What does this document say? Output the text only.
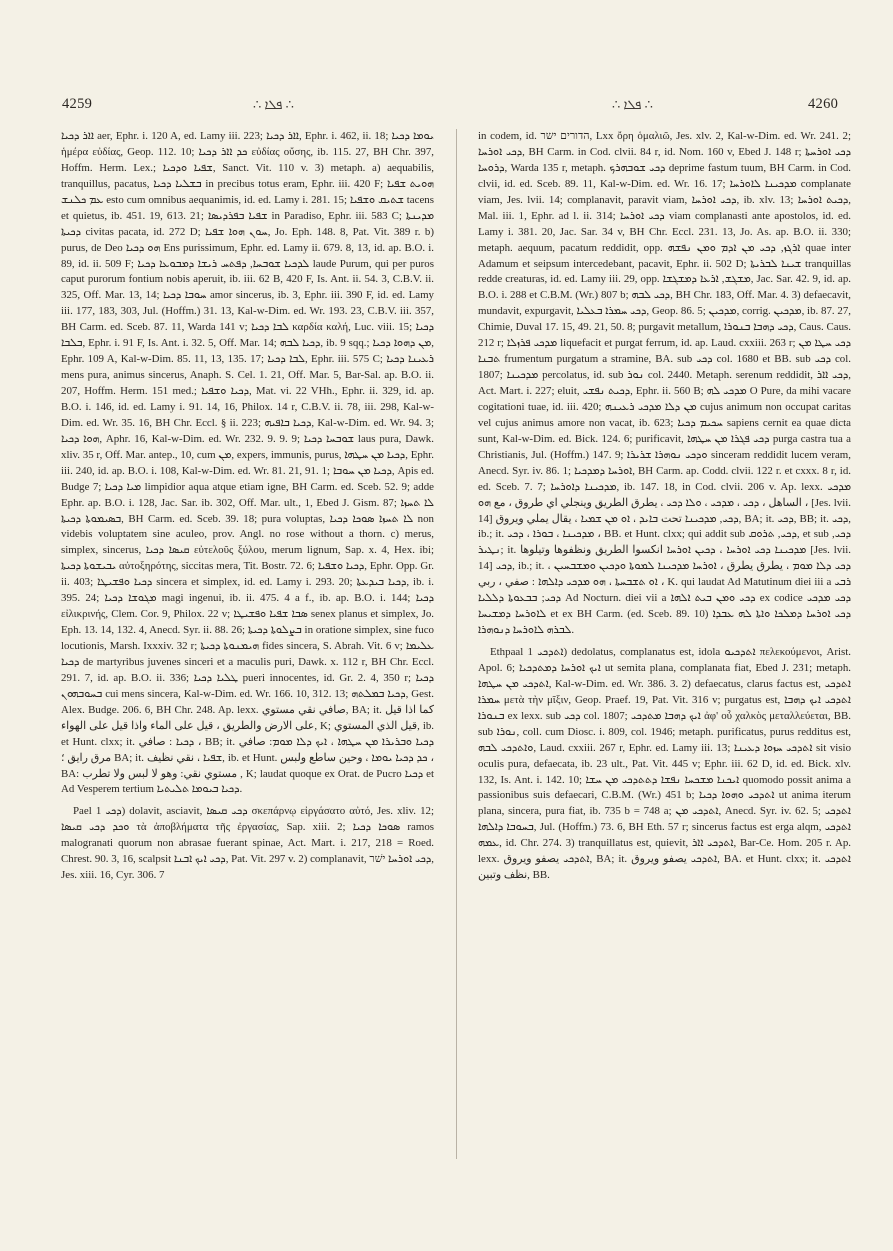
4259	∴ ܦܠܐ ∴	∴ ܦܠܐ ∴	4260

ܐܐܪ ܕܟܝܐ aer, Ephr. i. 120 A, ed. Lamy iii. 223; ܐܐܪ ܕܟܝܐ, Ephr. i. 462, ii. 18; ܝܘܡܐ ܕܟܝܐ ἡμέρα εὐδίας, Geop. 112. 10; ܟܕ ܐܐܪ ܕܟܝܐ εὐδίας οὔσης, ib. 115. 27, BH Chr. 397, Hoffm. Herm. Lex.; ܫܦܝܐ ܘܕܟܝܐ, Sanct. Vit. 110 v. 3) metaph. a) aequabilis, tranquillus, pacatus, ܒܫܠܝܐ ܕܟܝܐ in precibus totus eram, Ephr. iii. 420 F; ܗܘܝܬ ܫܦܝܐ ܥܡ ܟܠܢܫ esto cum omnibus aequanimis, id. ed. Lamy i. 281. 15; ܫܬܝܩ ܘܫܦܝܐ tacens et quietus, ib. 451. 19, 613. 21; ܫܦܝܐ ܒܦܪܕܝܣܐ in Paradiso, Ephr. iii. 583 C; ܡܕܝܢܬܐ ܕܟܝܬܐ civitas pacata, id. 272 D; ܚܘܢ ܗܘܐ ܫܦܝܐ, Jo. Eph. 148. 8, Pat. Vit. 389 r. b) purus, de Deo ܗܘ ܕܟܝܐ Ens purissimum, Ephr. ed. Lamy ii. 679. 8, 13, id. ap. B.O. i. 89, id. ii. 509 F; ܠܕܟܝܐ ܫܘܒܚܐ, ܕܦܬܚ ܪܝܫܐ ܕܡܒܘܥܐ ܕܟܝܐ laude Purum, qui per puros caput purorum fontium nobis aperuit, ib. iii. 62 B, 420 F, Is. Ant. ii. 54. 3, C.B.V. ii. 325, Off. Mar. 13, 14; ܚܘܒܐ ܕܟܝܐ amor sincerus, ib. 3, Ephr. iii. 390 F, id. ed. Lamy iii. 177, 183, 303, Jul. (Hoffm.) 31. 13, Kal-w-Dim. ed. Wr. 193. 23, C.B.V. iii. 357, BH Carm. ed. Sceb. 87. 11, Warda 141 v; ܠܒܐ ܕܟܝܐ καρδία καλή, Luc. viii. 15; ܕܟܝܐ ܒܠܒܐ, Ephr. i. 91 F, Is. Ant. i. 32. 5, Off. Mar. 14; ܕܟܝܐ ܠܒܗ, ib. 9 sqq.; ܡܢ ܕܗܘܐ ܕܟܝܐ, Ephr. 109 A, Kal-w-Dim. 85. 11, 13, 135. 17; ܠܒܐ ܕܟܝܐ, Ephr. iii. 575 C; ܪܥܝܢܐ ܕܟܝܐ mens pura, animus sincerus, Anaph. S. Cel. 1. 21, Off. Mar. 5, Bar-Sal. ap. B.O. ii. 207, Hoffm. Herm. 151 med.; ܕܟܝܐ ܘܫܦܝܐ, Mat. vi. 22 VHh., Ephr. ii. 329, id. ap. B.O. i. 146, id. ed. Lamy i. 91. 14, 16, Philox. 14 r, C.B.V. ii. 78, iii. 298, Kal-w-Dim. ed. Wr. 35. 16, BH Chr. Eccl. § ii. 223; ܕܟܝܐ ܒܐܦܝܗ, Kal-w-Dim. ed. Wr. 94. 3; ܗܘܐ ܕܟܝܐ, Aphr. 16, Kal-w-Dim. ed. Wr. 232. 9. 9. 9; ܫܘܒܚܐ ܕܟܝܐ laus pura, Dawk. xliv. 35 r, Off. Mar. antep., 10, cum ܡܢ, expers, immunis, purus, ܕܟܝܐ ܡܢ ܚܛܗܐ, Ephr. iii. 240, id. ap. B.O. i. 108, Kal-w-Dim. ed. Wr. 81. 21, 91. 1; ܕܟܝܐ ܡܢ ܚܘܒܐ, Apis ed. Budge 7; ܡܝܐ ܕܟܝܐ limpidior aqua atque etiam igne, BH Carm. ed. Sceb. 52. 9; adde Ephr. ap. B.O. i. 128, Jac. Sar. ib. 302, Off. Mar. ult., 1, Ebed J. Gism. 87; ܠܐ ܬܚܙܐ ܒܣܝܡܘܬܐ ܕܟܝܬܐ, BH Carm. ed. Sceb. 39. 18; pura voluptas, ܠܐ ܬܚܙܐ ܣܘܟܐ ܕܟܝܐ non videbis voluptatem sine aculeo, prov. Angl. no rose without a thorn. c) merus, simplex, sincerus, ܩܝܣܐ ܕܟܝܐ εὐτελοῦς ξύλου, merum lignum, Sap. x. 4, Hex. ibi; ܝܒܝܫܘܬܐ ܕܟܝܬܐ αὐτοξηρότης, siccitas mera, Tit. Bostr. 72. 6; ܕܟܝܐ ܘܫܦܝܐ, Ephr. Opp. Gr. ii. 403; ܕܟܝܐ ܘܦܫܝܛܐ sincera et simplex, id. ed. Lamy i. 293. 20; ܕܟܝܐ ܒܝܕܥܬܐ, ib. i. 395. 24; ܡܓܘܫܐ ܕܟܝܐ magi ingenui, ib. ii. 475. 4 a f., ib. ap. B.O. i. 144; ܕܟܝܐ εἰλικρινής, Clem. Cor. 9, Philox. 22 v; ܣܒܐ ܫܦܝܐ ܘܦܫܝܛܐ senex planus et simplex, Jo. Eph. 13. 14, 132. 4, Anecd. Syr. ii. 88. 26; ܒܨܠܘܬܐ ܕܟܝܬܐ in oratione simplex, sine fuco locutionis, Marsh. Ixxxiv. 32 r; ܗܝܡܢܘܬܐ ܕܟܝܬܐ fides sincera, S. Abrah. Vit. 6 v; ܥܠܝܡܐ ܕܟܝܐ de martyribus juvenes sinceri et a maculis puri, Dawk. x. 112 r, BH Chr. Eccl. 291. 7, id. ap. B.O. ii. 336; ܛܠܝܐ ܕܟܝܐ pueri innocentes, id. Gr. 2. 4, 350 r; ܕܟܝܐ ܒܚܘܒܗܘܢ cui mens sincera, Kal-w-Dim. ed. Wr. 166. 10, 312. 13; ܕܟܝܐ ܒܡܠܬܗ, Gest. Alex. Budge. 206. 6, BH Chr. 248. Ap. lexx. صافي نقي مستوي, BA; it. كما اذا قيل على الارض والطريق ، قيل على الماء واذا قيل على الهواء, K; قيل الذي المستوي, ib. et Hunt. clxx; it. ܕܟܝܐ : صافي ، BB; it. ܕܟܝܐ ܘܒܪܝܪܐ ܡܢ ܚܛܗܐ ، ܐܝܟ ܕܠܐ ܡܘܡ: صافي مرق رايق ؛ BA; it. ܫܦܝܐ ، نقي نظيف, ib. et Hunt. ܟܕ ܕܟܝܐ ܝܘܡܐ ، وحين ساطع ولبس ، BA: مستوي نقي: وهو لا لبس ولا تطرب , K; laudat quoque ex Orat. de Pucro ܕܟܝܐ et Ad Vesperem tertium ܕܟܝܐ ܒܝܘܡܐ ܬܠܝܬܝܐ.

Pael ܕܟܝ 1) dolavit, asciavit, ܕܟܝ ܩܝܣܐ σκεπάρνῳ εἰργάσατο αὐτό, Jes. xliv. 12; ܘܟܕ ܕܟܝ ܩܝܣܐ τὰ ἀποβλήματα τῆς ἐργασίας, Sap. xiii. 2; ܣܘܟܐ ܕܟܝܐ ramos malogranati quorum non abrasae fuerant spinae, Act. Mart. i. 217, 218 = Roed. Chrest. 90. 3, 16, scalpsit ܕܟܝ ܐܝܟ ܐܒܢܐ, Pat. Vit. 297 v. 2) complanavit, ܕܟܝ ܐܘܪܚܐ ישׁר, Jes. xiii. 16, Cyr. 306. 7

in codem, id. הדורים ישר, Lxx ὄρη ὁμαλιῶ, Jes. xlv. 2, Kal-w-Dim. ed. Wr. 241. 2; ܕܟܝ ܐܘܪܚܐ, BH Carm. in Cod. clvii. 84 r, id. Nom. 160 v, Ebed J. 148 r; ܕܟܝ ܐܘܪܚܬܐ ܕܪܘܚܐ, Warda 135 r, metaph. ܕܟܝ ܫܘܒܗܪܟ deprime fastum tuum, BH Carm. in Cod. clvii, id. ed. Sceb. 89. 11, Kal-w-Dim. ed. Wr. 16. 17; ܡܕܟܝܢܐ ܠܐܘܪܚܐ complanate viam, Jes. lvii. 14; complanavit, paravit viam, ܕܟܝ ܐܘܪܚܐ, ib. xlv. 13; ܕܟܝܬ ܐܘܪܚܐ, Mal. iii. 1, Ephr. ad l. ii. 314; ܕܟܝ ܐܘܪܚܐ viam complanasti ante apostolos, id. ed. Lamy i. 381. 20, Jac. Sar. 34 v, BH Chr. Eccl. 231. 13, Jo. As. ap. B.O. ii. 330; metaph. aequum, pacatum reddidit, opp. ܐܪܓܙ, ܕܟܝ ܡܢ ܐܕܡ ܘܡܢ ܢܦܫܗ quae inter Adamum et seipsum intercedebant, pacavit, Ephr. ii. 502 D; ܫܝܢܐ ܠܒܪܝܬܐ tranquillas redde creaturas, id. ed. Lamy iii. 29, opp. ܡܫܓܫ, ܐܪܥܐ ܕܡܫܓܫܐ, Jac. Sar. 42. 9, id. ap. B.O. i. 288 et C.B.M. (Wr.) 807 b; ܕܟܝ ܠܒܗ, BH Chr. 183, Off. Mar. 4. 3) defaecavit, mundavit, expurgavit, ܕܟܝ ܚܡܪܐ ܒܥܠܝܐ, Geop. 86. 5; ܡܕܟܝܢ, corrig. ܡܕܟܝܢ, ib. 87. 27, Chimie, Duval 17. 15, 49. 21, 50. 8; purgavit metallum, ܕܟܝ ܕܗܒܐ ܒܢܘܪܐ, Caus. Caus. 212 r; ܡܕܟܝ ܦܪܙܠܐ liquefacit et purgat ferrum, id. ap. Laud. cxxiii. 263 r; ܕܟܝ ܚܛܐ ܡܢ ܬܒܢܐ frumentum purgatum a stramine, BA. sub ܕܟܝ col. 1680 et BB. sub ܕܟܝ col. 1807; ܡܕܟܝܢܐ percolatus, id. sub ܢܘܪ col. 2440. Metaph. serenum reddidit, ܕܟܝ ܐܐܪ, Act. Mart. i. 227; eluit, ܕܟܝܬ ܢܦܫܝ, Ephr. ii. 560 B; ܡܕܟܝ ܠܗ O Pure, da mihi vacare cogitationi tuae, id. iii. 420; ܡܢ ܕܠܐ ܡܕܟܝ ܪܥܝܢܗ cujus animum non occupat caritas vel cujus animus amore non vacat, ib. 623; ܚܟܝܡ ܕܟܝܐ sapiens cernit ea quae dicta sunt, Kal-w-Dim. ed. Bick. 124. 6; purificavit, ܕܟܝ ܦܓܪܐ ܡܢ ܚܛܗܐ purga castra tua a Christianis, Jul. (Hoffm.) 147. 9; ܘܕܟܝ ܢܘܗܪܐ ܫܪܝܪܐ sinceram reddidit lucem veram, Anecd. Syr. iv. 86. 1; ܐܘܪܚܐ ܕܡܕܟܝܐ, BH Carm. ap. Codd. clvii. 122 r. et cxxx. 8 r, id. ed. Sceb. 7. 7; ܡܕܟܝܢܐ ܕܐܘܪܚܐ, ib. 147. 18, in Cod. clvii. 206 v. Ap. lexx. ܡܕܟܝ الساهل ، ܕܟܝ ، ܡܕܟܝ ، ܘܠܐ ܕܟܝ ، يطرق الطريق وينجلي اي طروق ، مع ܗܘ ، [Jes. lvii. 14] ܕܟܝ, ܡܕܟܝܢܐ تحت ܒܐܝܕ ، ܐܘ ܡܢ ܫܡܝܐ ، يقال يملي ويروق, BA; it. ܕܟܝ, BB; it. ܕܟܝ, ib.; it. ܡܕܟܝܢܐ ، ܒܘܪܐ ، ܕܟܝ ، BB. et Hunt. clxx; qui addit sub ܕܟܝ, ܬܪܘܩ, et sub ܕܟܝ, ܢܛܝܪ; it. ܡܕܟܝܢܐ ܕܟܝ ܐܘܪܚܐ ، ܕܟܝܢ ܐܘܪܚܐ انكسوا الطريق ونظفوها وتيلوها [Jes. lvii. 14] ܕܟܝ, ib.; it. ܕܟܝ ܕܠܐ ܡܘܡ ، يطرق يطرق ، ܐܘܪܚܐ ܡܕܟܝܢܐ ܠܡܘܬܐ ܘܕܟܝܢ ܘܡܫܒܚܝܢ ، ܐܘ ܬܫܒܚܬܐ ، ܗܘ ܡܕܟܝ ܕܐܠܗܐ : صفي ، ربي ، K. qui laudat Ad Matutinum diei iii a ܪܒܝ ܕܟܝ; ܒܒܥܘܬܐ ܕܠܠܝܐ Ad Nocturn. diei vii a ܕܟܝ ܘܡܢ ܒܝܬ ܐܠܗܐ ex codice ܕܟܝ ܡܕܟܝ ܠܐܘܪܚܐ ܕܡܫܝܚܐ et ex BH Carm. (ed. Sceb. 89. 10) ܕܟܝ ܐܘܪܚܐ ܕܡܠܟܐ ܘܐܬܐ ܠܗ ܥܒܕܐ ܠܒܪܗ ܠܐܘܪܚܐ ܕܢܘܗܪܐ.

Ethpaal ܐܬܕܟܝ 1) dedolatus, complanatus est, idola ܐܬܕܟܝܘ πελεκούμενοι, Arist. Apol. 6; ܐܝܟ ܐܘܪܚܐ ܕܡܬܕܟܝܐ ut semita plana, complanata fiat, Ebed J. 231; metaph. ܐܬܕܟܝ ܡܢ ܚܛܗܐ, Kal-w-Dim. ed. Wr. 386. 3. 2) defaecatus, clarus factus est, ܐܬܕܟܝ ܚܡܪܐ μετὰ τὴν μῖξιν, Geop. Praef. 19, Pat. Vit. 316 v; purgatus est, ܐܬܕܟܝ ܐܝܟ ܕܗܒܐ ܒܢܘܪܐ ex lexx. sub ܕܟܝ col. 1807; ܐܝܟ ܕܗܒܐ ܡܬܕܟܝ ἀφ' οὗ χαλκὸς μεταλλεύεται, BB. sub ܢܘܪܐ, coll. cum Diosc. i. 809, col. 1946; metaph. purificatus, purus redditus est, ܘܐܬܕܟܝ ܠܒܗ, Laud. cxxiii. 267 r, Ephr. ed. Lamy iii. 13; ܐܬܕܟܝ ܚܙܘܐ ܕܥܝܢܐ sit visio oculis pura, defaecata, ib. 23 ult., Pat. Vit. 445 v; Ephr. iii. 62 D, id. ed. Bick. xlv. 132, Is. Ant. i. 142. 10; ܐܝܟܢܐ ܡܫܟܚܐ ܢܦܫܐ ܕܬܬܕܟܝ ܡܢ ܚܫܐ quomodo possit anima a passionibus suis defaecari, C.B.M. (Wr.) 451 b; ܐܬܕܟܝ ܘܗܘܐ ܕܟܝܐ ut anima iterum plana, sincera, pura fiat, ib. 735 b = 748 a; ܐܬܕܟܝ ܡܢ, Anecd. Syr. iv. 62. 5; ܐܬܕܟܝ ܒܚܘܒܐ ܕܐܠܗܐ, Jul. (Hoffm.) 73. 6, BH Eth. 57 r; sincerus factus est erga alqm, ܐܬܕܟܝ ܥܡܗ, id. Chr. 274. 3) tranquillatus est, quievit, ܐܬܕܟܝ ܐܐܪ, Bar-Ce. Hom. 205 r. Ap. lexx. ܐܬܕܟܝ يصفو ويروق, BA; it. ܐܬܕܟܝ يصفو ويروق, BA. et Hunt. clxx; it. ܐܬܕܟܝ نظف وتبين, BB.
